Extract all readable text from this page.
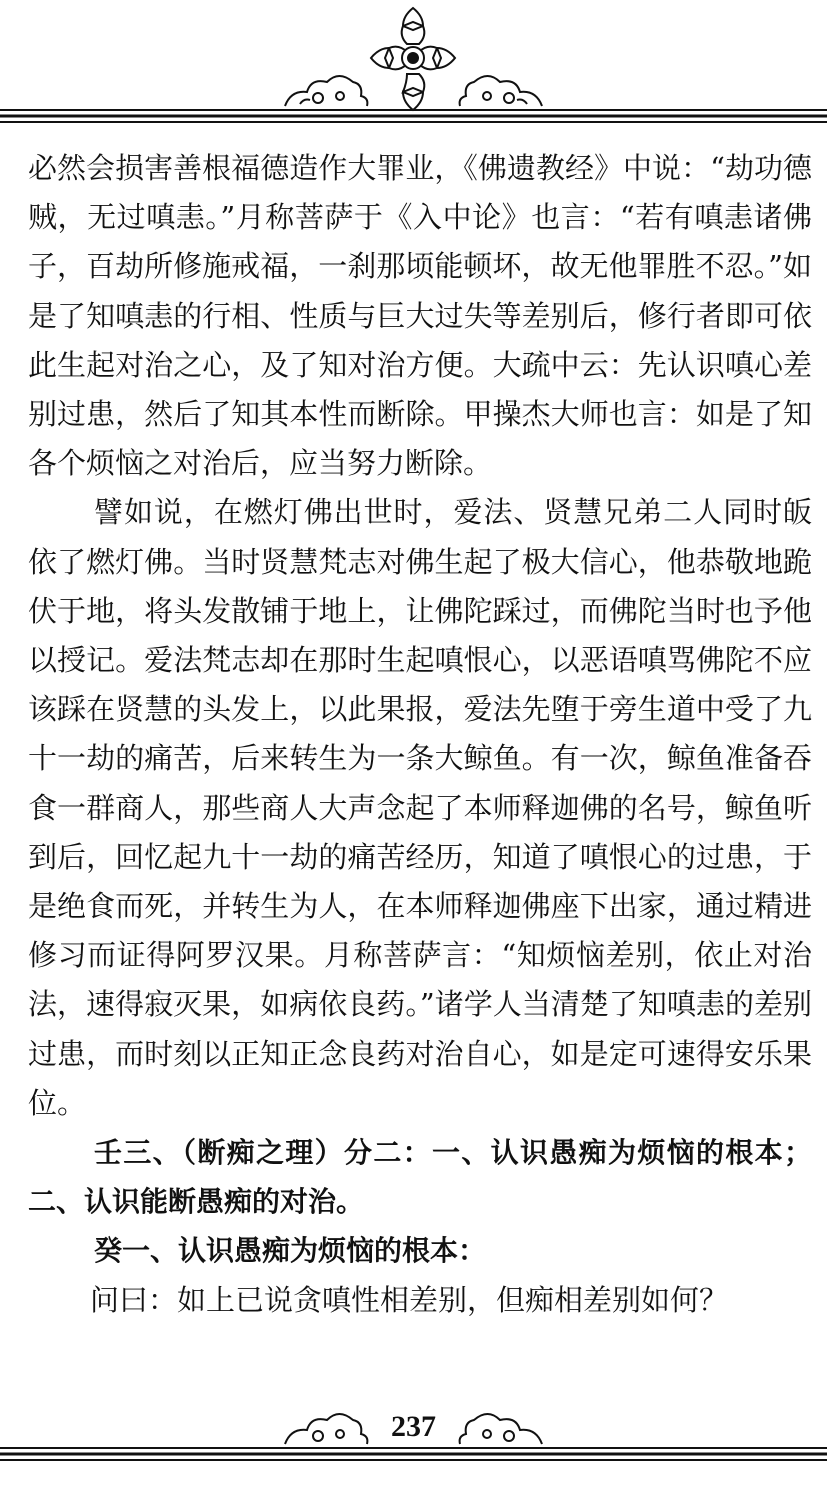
必然会损害善根福德造作大罪业，《佛遗教经》中说：“劫功德贼，无过嗔恚。”月称菩萨于《入中论》也言：“若有嗔恚诸佛子，百劫所修施戒福，一刹那顷能顿坏，故无他罪胜不忍。”如是了知嗔恚的行相、性质与巨大过失等差别后，修行者即可依此生起对治之心，及了知对治方便。大疏中云：先认识嗔心差别过患，然后了知其本性而断除。甲操杰大师也言：如是了知各个烦恼之对治后，应当努力断除。

譬如说，在燃灯佛出世时，爱法、贤慧兄弟二人同时皈依了燃灯佛。当时贤慧梵志对佛生起了极大信心，他恭敬地跪伏于地，将头发散铺于地上，让佛陀踩过，而佛陀当时也予他以授记。爱法梵志却在那时生起嗔恨心，以恶语嗔骂佛陀不应该踩在贤慧的头发上，以此果报，爱法先堕于旁生道中受了九十一劫的痛苦，后来转生为一条大鲸鱼。有一次，鲸鱼准备吞食一群商人，那些商人大声念起了本师释迦佛的名号，鲸鱼听到后，回忆起九十一劫的痛苦经历，知道了嗔恨心的过患，于是绝食而死，并转生为人，在本师释迦佛座下出家，通过精进修习而证得阿罗汉果。月称菩萨言：“知烦恼差别，依止对治法，速得寂灭果，如病依良药。”诸学人当清楚了知嗔恚的差别过患，而时刻以正知正念良药对治自心，如是定可速得安乐果位。

壬三、（断痴之理）分二：一、认识愚痴为烦恼的根本；二、认识能断愚痴的对治。

癸一、认识愚痴为烦恼的根本：

问曰：如上已说贪嗔性相差别，但痴相差别如何？

237
